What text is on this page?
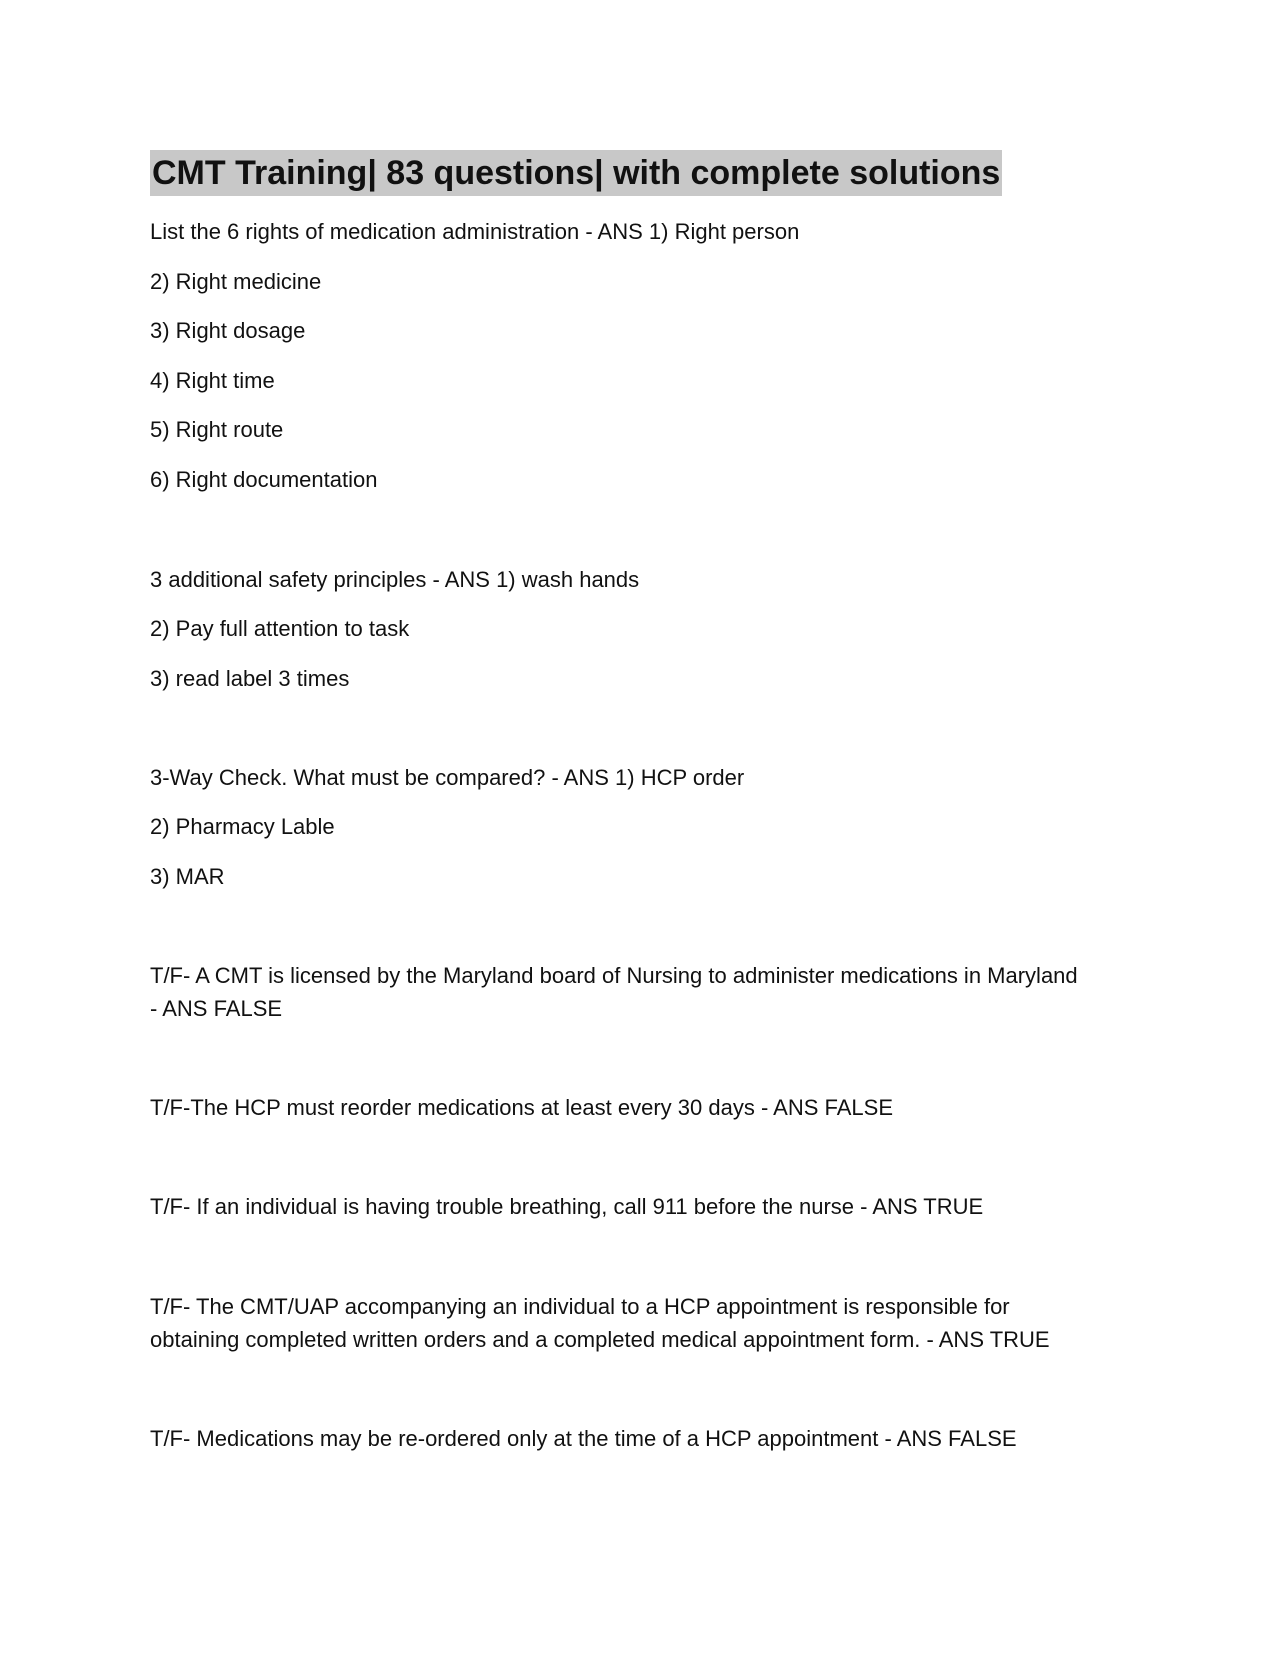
CMT Training| 83 questions| with complete solutions
List the 6 rights of medication administration - ANS 1) Right person
2) Right medicine
3) Right dosage
4) Right time
5) Right route
6) Right documentation
3 additional safety principles - ANS 1) wash hands
2) Pay full attention to task
3) read label 3 times
3-Way Check. What must be compared? - ANS 1) HCP order
2) Pharmacy Lable
3) MAR
T/F- A CMT is licensed by the Maryland board of Nursing to administer medications in Maryland
- ANS FALSE
T/F-The HCP must reorder medications at least every 30 days - ANS FALSE
T/F- If an individual is having trouble breathing, call 911 before the nurse - ANS TRUE
T/F- The CMT/UAP accompanying an individual to a HCP appointment is responsible for
obtaining completed written orders and a completed medical appointment form. - ANS TRUE
T/F- Medications may be re-ordered only at the time of a HCP appointment - ANS FALSE
